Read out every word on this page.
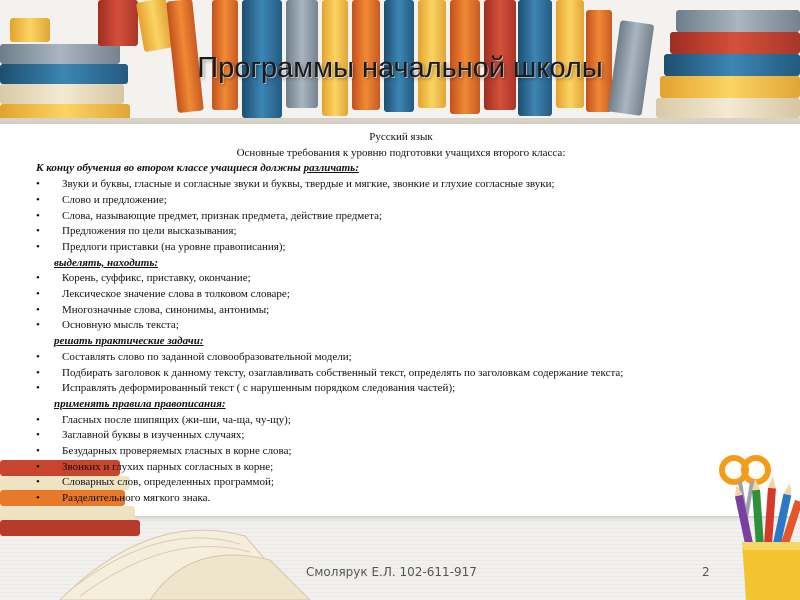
Программы начальной школы
Русский язык
Основные требования к уровню подготовки учащихся второго класса:
К концу обучения во втором классе учащиеся должны различать:
• Звуки и буквы, гласные и согласные звуки и буквы, твердые и мягкие, звонкие и глухие согласные звуки;
• Слово и предложение;
• Слова, называющие предмет, признак предмета, действие предмета;
• Предложения по цели высказывания;
• Предлоги приставки (на уровне правописания);
выделять, находить:
• Корень, суффикс, приставку, окончание;
• Лексическое значение слова в толковом словаре;
• Многозначные слова, синонимы, антонимы;
• Основную мысль текста;
решать практические задачи:
• Составлять слово по заданной словообразовательной модели;
• Подбирать заголовок к данному тексту, озаглавливать собственный текст, определять по заголовкам содержание текста;
• Исправлять деформированный текст ( с нарушенным порядком следования частей);
применять правила правописания:
• Гласных после шипящих (жи-ши, ча-ща, чу-щу);
• Заглавной буквы в изученных случаях;
• Безударных проверяемых гласных в корне слова;
• Звонких и глухих парных согласных в корне;
• Словарных слов, определенных программой;
• Разделительного мягкого знака.
Смолярук Е.Л. 102-611-917	2
